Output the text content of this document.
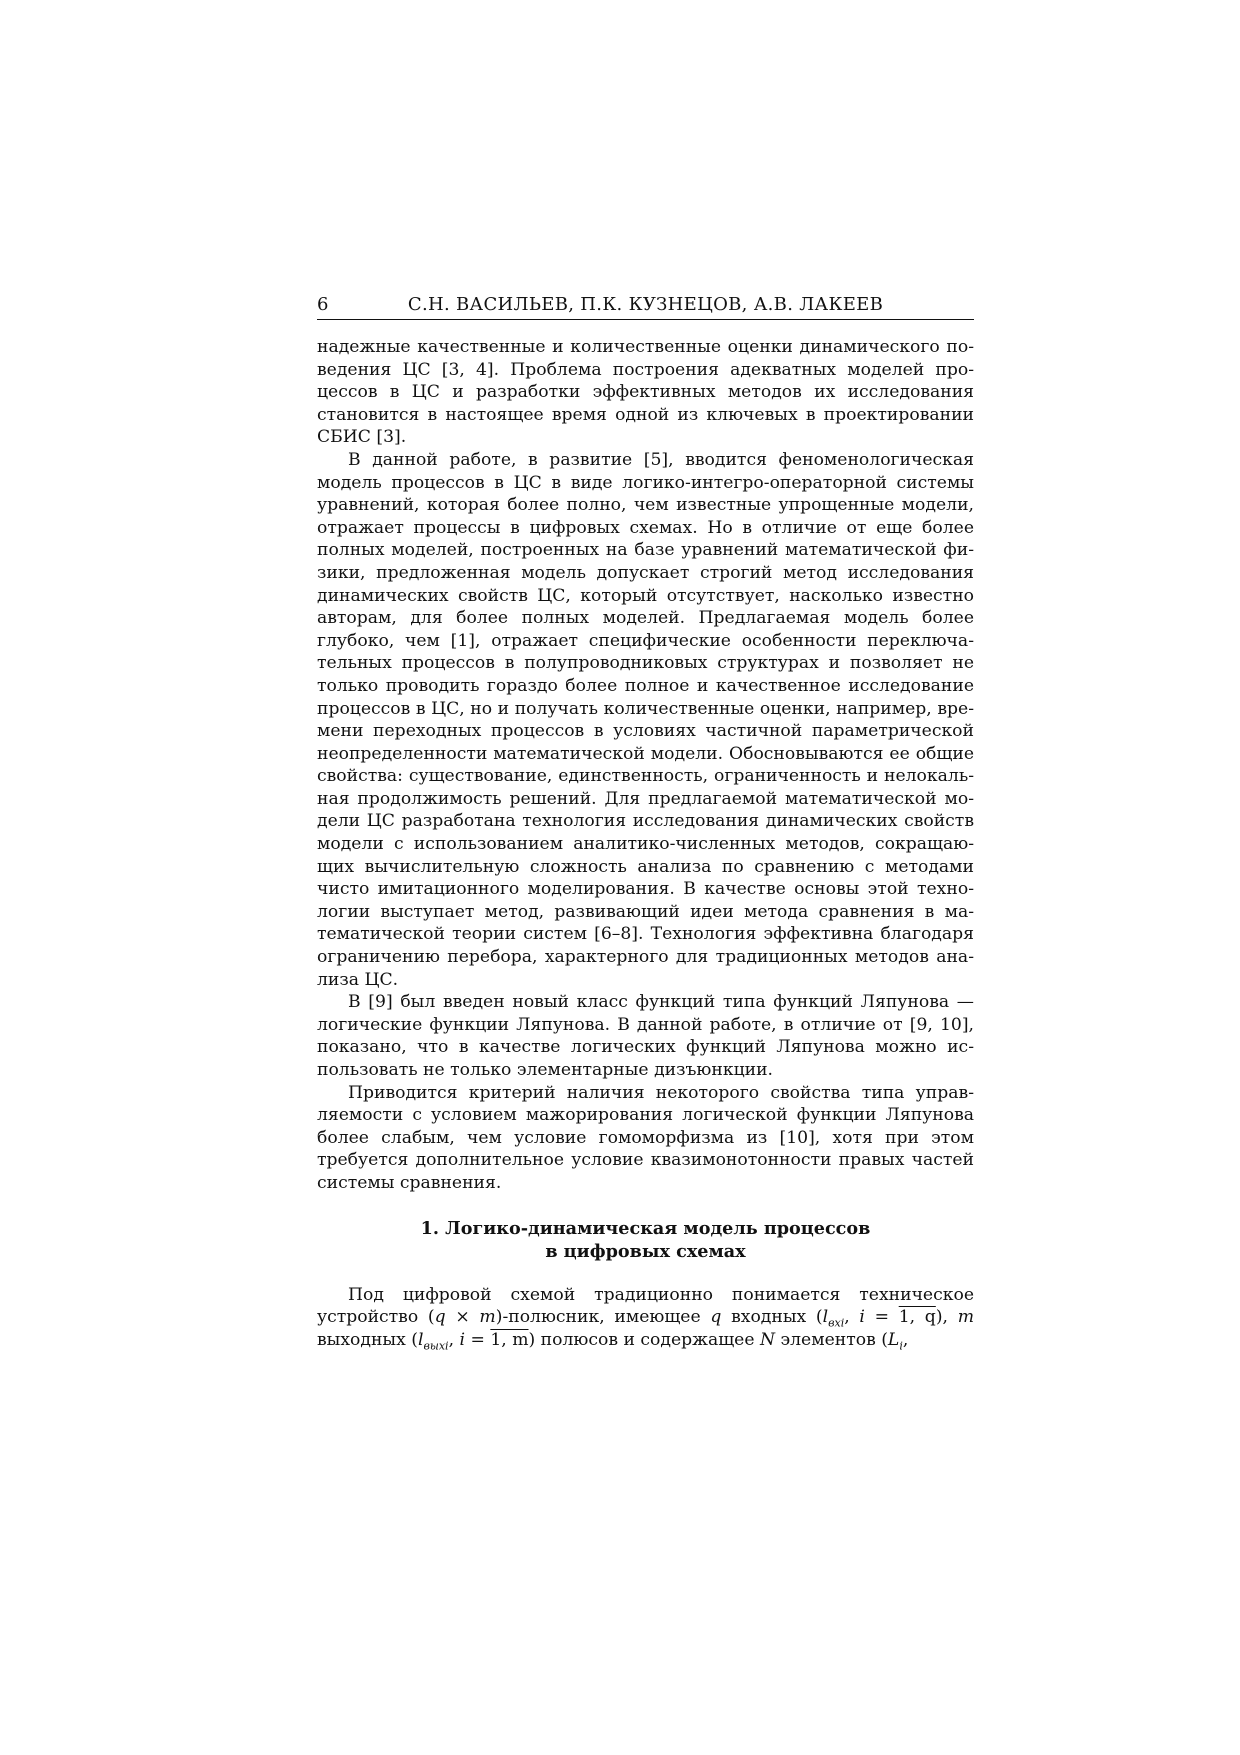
6	С.Н. ВАСИЛЬЕВ, П.К. КУЗНЕЦОВ, А.В. ЛАКЕЕВ

надежные качественные и количественные оценки динамического поведения ЦС [3, 4]. Проблема построения адекватных моделей процессов в ЦС и разработки эффективных методов их исследования становится в настоящее время одной из ключевых в проектировании СБИС [3].

В данной работе, в развитие [5], вводится феноменологическая модель процессов в ЦС в виде логико-интегро-операторной системы уравнений, которая более полно, чем известные упрощенные модели, отражает процессы в цифровых схемах. Но в отличие от еще более полных моделей, построенных на базе уравнений математической физики, предложенная модель допускает строгий метод исследования динамических свойств ЦС, который отсутствует, насколько известно авторам, для более полных моделей. Предлагаемая модель более глубоко, чем [1], отражает специфические особенности переключательных процессов в полупроводниковых структурах и позволяет не только проводить гораздо более полное и качественное исследование процессов в ЦС, но и получать количественные оценки, например, времени переходных процессов в условиях частичной параметрической неопределенности математической модели. Обосновываются ее общие свойства: существование, единственность, ограниченность и нелокальная продолжимость решений. Для предлагаемой математической модели ЦС разработана технология исследования динамических свойств модели с использованием аналитико-численных методов, сокращающих вычислительную сложность анализа по сравнению с методами чисто имитационного моделирования. В качестве основы этой технологии выступает метод, развивающий идеи метода сравнения в математической теории систем [6–8]. Технология эффективна благодаря ограничению перебора, характерного для традиционных методов анализа ЦС.

В [9] был введен новый класс функций типа функций Ляпунова — логические функции Ляпунова. В данной работе, в отличие от [9, 10], показано, что в качестве логических функций Ляпунова можно использовать не только элементарные дизъюнкции.

Приводится критерий наличия некоторого свойства типа управляемости с условием мажорирования логической функции Ляпунова более слабым, чем условие гомоморфизма из [10], хотя при этом требуется дополнительное условие квазимонотонности правых частей системы сравнения.

1. Логико-динамическая модель процессов
в цифровых схемах

Под цифровой схемой традиционно понимается техническое устройство (q × m)-полюсник, имеющее q входных ($l_{вхi}$, i = 1, q), m выходных ($l_{выхi}$, i = 1, m) полюсов и содержащее N элементов ($L_i$,
